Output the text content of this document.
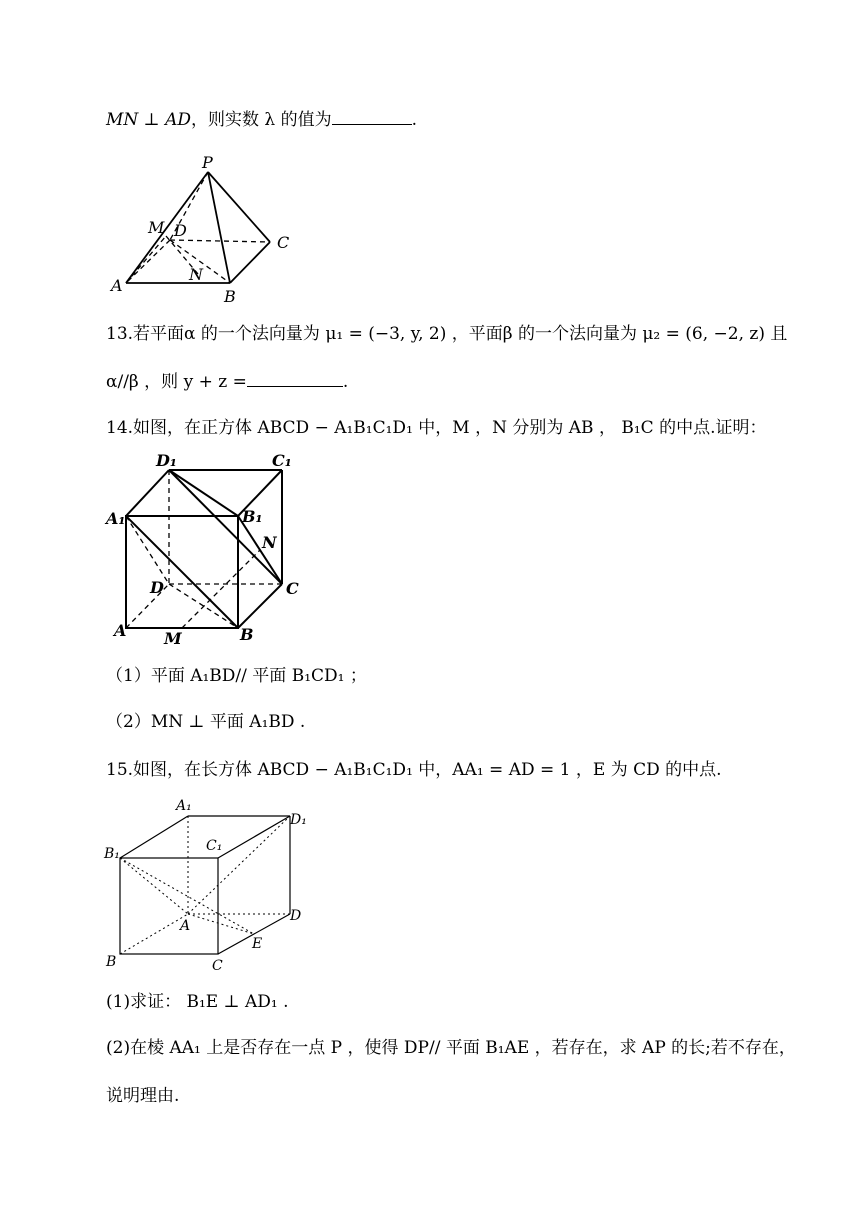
MN ⊥ AD，则实数 λ 的值为	.
P
M D
C
N
A
B
13.若平面α 的一个法向量为 μ₁ = (−3, y, 2) ，平面β 的一个法向量为 μ₂ = (6, −2, z) 且
α//β ，则 y + z =	.
14.如图，在正方体 ABCD − A₁B₁C₁D₁ 中，M ，N 分别为 AB ， B₁C 的中点.证明：
D₁	C₁
A₁	B₁
N
D	C
A M	B
（1）平面 A₁BD// 平面 B₁CD₁ ；
（2）MN ⊥ 平面 A₁BD .
15.如图，在长方体 ABCD − A₁B₁C₁D₁ 中，AA₁ = AD = 1 ，E 为 CD 的中点.
A₁
D₁
B₁	C₁
A
D
E
B	C
(1)求证： B₁E ⊥ AD₁ .
(2)在棱 AA₁ 上是否存在一点 P ，使得 DP// 平面 B₁AE ，若存在，求 AP 的长;若不存在，
说明理由.
